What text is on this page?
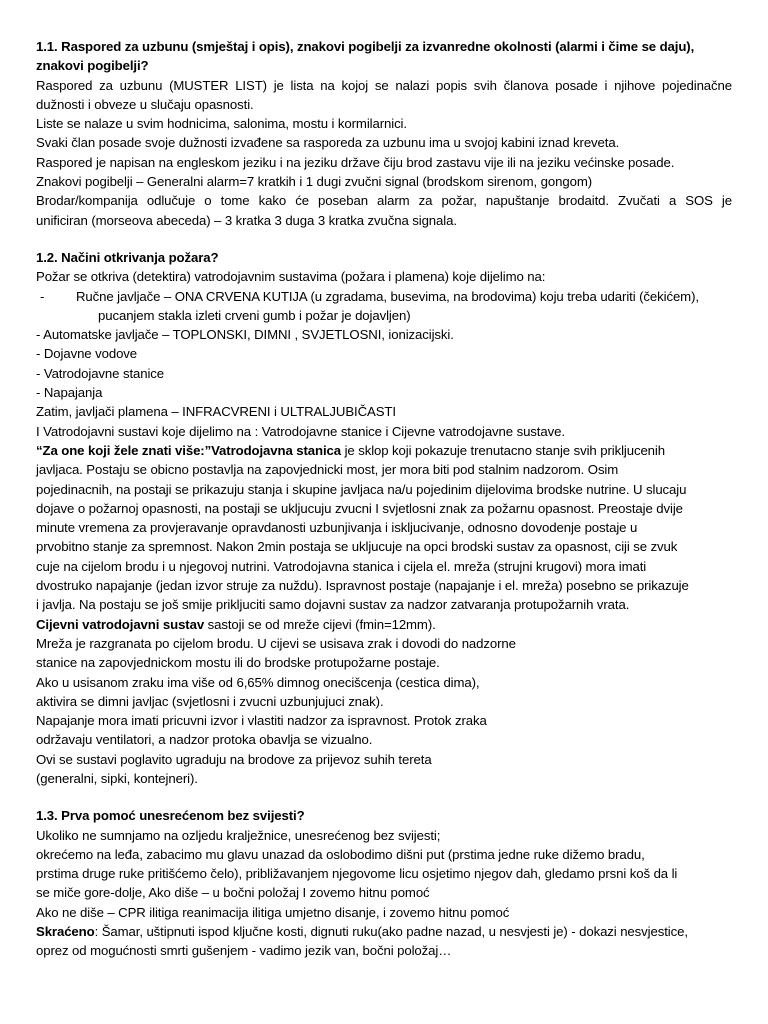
1.1. Raspored za uzbunu (smještaj i opis), znakovi pogibelji za izvanredne okolnosti (alarmi i čime se daju),
znakovi pogibelji?
Raspored za uzbunu (MUSTER LIST) je lista na kojoj se nalazi popis svih članova posade i njihove pojedinačne
dužnosti i obveze u slučaju opasnosti.
Liste se nalaze u svim hodnicima, salonima, mostu i kormilarnici.
Svaki član posade svoje dužnosti izvađene sa rasporeda za uzbunu ima u svojoj kabini iznad kreveta.
Raspored je napisan na engleskom jeziku i na jeziku države čiju brod zastavu vije ili na jeziku većinske posade.
Znakovi pogibelji – Generalni alarm=7 kratkih i 1 dugi zvučni signal (brodskom sirenom, gongom)
Brodar/kompanija odlučuje o tome kako će poseban alarm za požar, napuštanje brodaitd. Zvučati a SOS je
unificiran (morseova abeceda) – 3 kratka 3 duga 3 kratka zvučna signala.
1.2. Načini otkrivanja požara?
Požar se otkriva (detektira) vatrodojavnim sustavima (požara i plamena) koje dijelimo na:
- Ručne javljače – ONA CRVENA KUTIJA (u zgradama, busevima, na brodovima) koju treba udariti (čekićem),
pucanjem stakla izleti crveni gumb i požar je dojavljen)
- Automatske javljače – TOPLONSKI, DIMNI , SVJETLOSNI, ionizacijski.
- Dojavne vodove
- Vatrodojavne stanice
- Napajanja
Zatim, javljači plamena – INFRACVRENI i ULTRALJUBIČASTI
I Vatrodojavni sustavi koje dijelimo na : Vatrodojavne stanice i Cijevne vatrodojavne sustave.
“Za one koji žele znati više:”Vatrodojavna stanica je sklop koji pokazuje trenutacno stanje svih prikljucenih
javljaca. Postaju se obicno postavlja na zapovjednicki most, jer mora biti pod stalnim nadzorom. Osim
pojedinacnih, na postaji se prikazuju stanja i skupine javljaca na/u pojedinim dijelovima brodske nutrine. U slucaju
dojave o požarnoj opasnosti, na postaji se uklјucuju zvucni I svjetlosni znak za požarnu opasnost. Preostaje dvije
minute vremena za provjeravanje opravdanosti uzbunjivanja i iskljucivanje, odnosno dovodenje postaje u
prvobitno stanje za spremnost. Nakon 2min postaja se ukljucuje na opci brodski sustav za opasnost, ciji se zvuk
cuje na cijelom brodu i u njegovoj nutrini. Vatrodojavna stanica i cijela el. mreža (strujni krugovi) mora imati
dvostruko napajanje (jedan izvor struje za nuždu). Ispravnost postaje (napajanje i el. mreža) posebno se prikazuje
i javlja. Na postaju se još smije prikljuciti samo dojavni sustav za nadzor zatvaranja protupožarnih vrata.
Cijevni vatrodojavni sustav sastoji se od mreže cijevi (fmin=12mm).
Mreža je razgranata po cijelom brodu. U cijevi se usisava zrak i dovodi do nadzorne
stanice na zapovjednickom mostu ili do brodske protupožarne postaje.
Ako u usisanom zraku ima više od 6,65% dimnog onecišcenja (cestica dima),
aktivira se dimni javljac (svjetlosni i zvucni uzbunjujuci znak).
Napajanje mora imati pricuvni izvor i vlastiti nadzor za ispravnost. Protok zraka
održavaju ventilatori, a nadzor protoka obavlja se vizualno.
Ovi se sustavi poglavito ugraduju na brodove za prijevoz suhih tereta
(generalni, sipki, kontejneri).
1.3. Prva pomoć unesrećenom bez svijesti?
Ukoliko ne sumnjamo na ozljedu kralježnice, unesrećenog bez svijesti;
okrećemo na leđa, zabacimo mu glavu unazad da oslobodimo dišni put (prstima jedne ruke dižemo bradu,
prstima druge ruke pritišćemo čelo), približavanjem njegovome licu osjetimo njegov dah, gledamo prsni koš da li
se miče gore-dolje, Ako diše – u bočni položaj I zovemo hitnu pomoć
Ako ne diše – CPR ilitiga reanimacija ilitiga umjetno disanje, i zovemo hitnu pomoć
Skraćeno: Šamar, uštipnuti ispod ključne kosti, dignuti ruku(ako padne nazad, u nesvjesti je) - dokazi nesvjestice,
oprez od mogućnosti smrti gušenjem - vadimo jezik van, bočni položaj…
